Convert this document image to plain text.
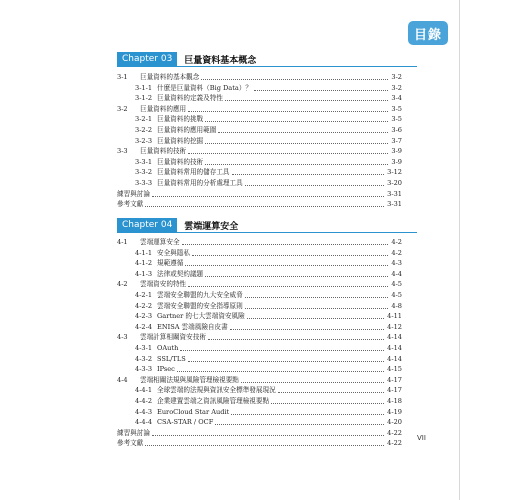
目錄
Chapter 03	巨量資料基本概念
3-1 巨量資料的基本觀念	3-2
3-1-1 什麼是巨量資料（Big Data）？	3-2
3-1-2 巨量資料的定義及特性	3-4
3-2 巨量資料的應用	3-5
3-2-1 巨量資料的挑戰	3-5
3-2-2 巨量資料的應用範圍	3-6
3-2-3 巨量資料的挖掘	3-7
3-3 巨量資料的技術	3-9
3-3-1 巨量資料的技術	3-9
3-3-2 巨量資料常用的儲存工具	3-12
3-3-3 巨量資料常用的分析處理工具	3-20
練習與討論	3-31
參考文獻	3-31
Chapter 04	雲端運算安全
4-1 雲端運算安全	4-2
4-1-1 安全與隱私	4-2
4-1-2 規範遵循	4-3
4-1-3 法律或契約議題	4-4
4-2 雲端資安的特性	4-5
4-2-1 雲端安全聯盟的九大安全威脅	4-5
4-2-2 雲端安全聯盟的安全指導原則	4-8
4-2-3 Gartner 的七大雲端資安風險	4-11
4-2-4 ENISA 雲端風險自皮書	4-12
4-3 雲端計算相關資安技術	4-14
4-3-1 OAuth	4-14
4-3-2 SSL/TLS	4-14
4-3-3 IPsec	4-15
4-4 雲端相關法規與風險管理檢視要點	4-17
4-4-1 全球雲端的法規與資訊安全標準發展現況	4-17
4-4-2 企業建置雲端之資訊風險管理檢視要點	4-18
4-4-3 EuroCloud Star Audit	4-19
4-4-4 CSA-STAR / OCF	4-20
練習與討論	4-22
參考文獻	4-22
VII
